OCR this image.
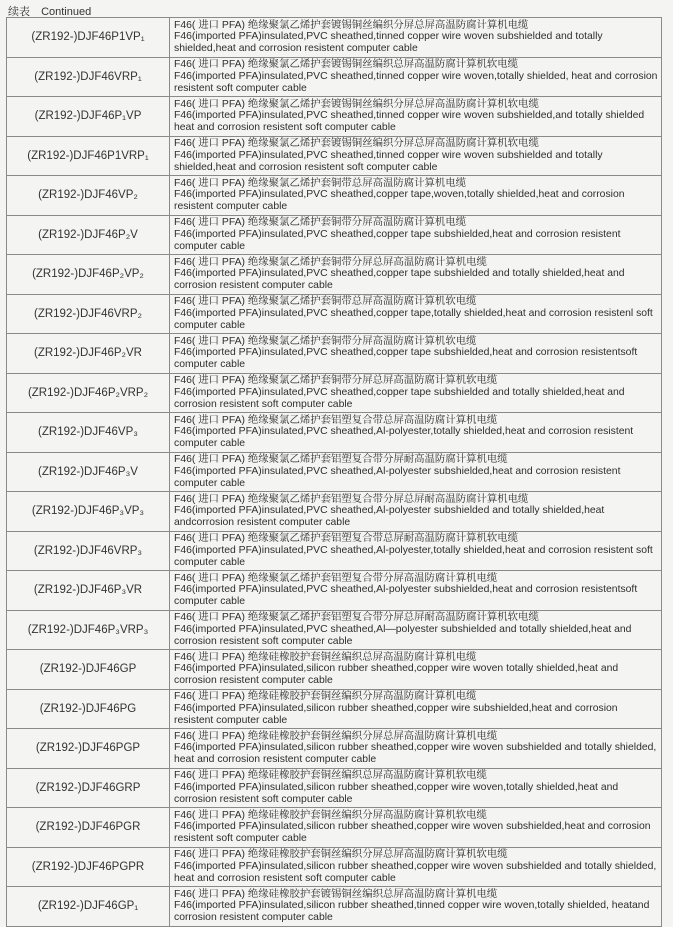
续表 Continued
(ZR192-)DJF46P1VP₁	F46( 进口 PFA) 绝缘聚氯乙烯护套镀锡铜丝编织分屏总屏高温防腐计算机电缆
F46(imported PFA)insulated,PVC sheathed,tinned copper wire woven subshielded and totally shielded,heat and corrosion resistent computer cable

(ZR192-)DJF46VRP₁	F46( 进口 PFA) 绝缘聚氯乙烯护套镀锡铜丝编织总屏高温防腐计算机软电缆
F46(imported PFA)insulated,PVC sheathed,tinned copper wire woven,totally shielded, heat and corrosion resistent soft computer cable

(ZR192-)DJF46P₁VP	F46( 进口 PFA) 绝缘聚氯乙烯护套镀锡铜丝编织分屏总屏高温防腐计算机软电缆
F46(imported PFA)insulated,PVC sheathed,tinned copper wire woven subshielded,and totally shielded heat and corrosion resistent soft computer cable

(ZR192-)DJF46P1VRP₁	F46( 进口 PFA) 绝缘聚氯乙烯护套镀锡铜丝编织分屏总屏高温防腐计算机软电缆
F46(imported PFA)insulated,PVC sheathed,tinned copper wire woven subshielded and totally shielded,heat and corrosion resistent soft computer cable

(ZR192-)DJF46VP₂	F46( 进口 PFA) 绝缘聚氯乙烯护套铜带总屏高温防腐计算机电缆
F46(imported PFA)insulated,PVC sheathed,copper tape,woven,totally shielded,heat and corrosion resistent computer cable

(ZR192-)DJF46P₂V	F46( 进口 PFA) 绝缘聚氯乙烯护套铜带分屏高温防腐计算机电缆
F46(imported PFA)insulated,PVC sheathed,copper tape subshielded,heat and corrosion resistent computer cable

(ZR192-)DJF46P₂VP₂	F46( 进口 PFA) 绝缘聚氯乙烯护套铜带分屏总屏高温防腐计算机电缆
F46(imported PFA)insulated,PVC sheathed,copper tape subshielded and totally shielded,heat and corrosion resistent computer cable

(ZR192-)DJF46VRP₂	F46( 进口 PFA) 绝缘聚氯乙烯护套铜带总屏高温防腐计算机软电缆
F46(imported PFA)insulated,PVC sheathed,copper tape,totally shielded,heat and corrosion resistenl soft computer cable

(ZR192-)DJF46P₂VR	F46( 进口 PFA) 绝缘聚氯乙烯护套铜带分屏高温防腐计算机软电缆
F46(imported PFA)insulated,PVC sheathed,copper tape subshielded,heat and corrosion resistentsoft computer cable

(ZR192-)DJF46P₂VRP₂	F46( 进口 PFA) 绝缘聚氯乙烯护套铜带分屏总屏高温防腐计算机软电缆
F46(imported PFA)insulated,PVC sheathed,copper tape subshielded and totally shielded,heat and corrosion resistent soft computer cable

(ZR192-)DJF46VP₃	F46( 进口 PFA) 绝缘聚氯乙烯护套铝塑复合带总屏高温防腐计算机电缆
F46(imported PFA)insulated,PVC sheathed,Al-polyester,totally shielded,heat and corrosion resistent computer cable

(ZR192-)DJF46P₃V	F46( 进口 PFA) 绝缘聚氯乙烯护套铝塑复合带分屏耐高温防腐计算机电缆
F46(imported PFA)insulated,PVC sheathed,Al-polyester subshielded,heat and corrosion resistent computer cable

(ZR192-)DJF46P₃VP₃	F46( 进口 PFA) 绝缘聚氯乙烯护套铝塑复合带分屏总屏耐高温防腐计算机电缆
F46(imported PFA)insulated,PVC sheathed,Al-polyester subshielded and totally shielded,heat andcorrosion resistent computer cable

(ZR192-)DJF46VRP₃	F46( 进口 PFA) 绝缘聚氯乙烯护套铝塑复合带总屏耐高温防腐计算机软电缆
F46(imported PFA)insulated,PVC sheathed,Al-polyester,totally shielded,heat and corrosion resistent soft computer cable

(ZR192-)DJF46P₃VR	F46( 进口 PFA) 绝缘聚氯乙烯护套铝塑复合带分屏高温防腐计算机电缆
F46(imported PFA)insulated,PVC sheathed,Al-polyester subshielded,heat and corrosion resistentsoft computer cable

(ZR192-)DJF46P₃VRP₃	F46( 进口 PFA) 绝缘聚氯乙烯护套铝塑复合带分屏总屏耐高温防腐计算机软电缆
F46(imported PFA)insulated,PVC sheathed,Al—polyester subshielded and totally shielded,heat and corrosion resistent soft computer cable

(ZR192-)DJF46GP	F46( 进口 PFA) 绝缘硅橡胶护套铜丝编织总屏高温防腐计算机电缆
F46(imported PFA)insulated,silicon rubber sheathed,copper wire woven totally shielded,heat and corrosion resistent computer cable

(ZR192-)DJF46PG	F46( 进口 PFA) 绝缘硅橡胶护套铜丝编织分屏高温防腐计算机电缆
F46(imported PFA)insulated,silicon rubber sheathed,copper wire subshielded,heat and corrosion resistent computer cable

(ZR192-)DJF46PGP	F46( 进口 PFA) 绝缘硅橡胶护套铜丝编织分屏总屏高温防腐计算机电缆
F46(imported PFA)insulated,silicon rubber sheathed,copper wire woven subshielded and totally shielded, heat and corrosion resistent computer cable

(ZR192-)DJF46GRP	F46( 进口 PFA) 绝缘硅橡胶护套铜丝编织总屏高温防腐计算机软电缆
F46(imported PFA)insulated,silicon rubber sheathed,copper wire woven,totally shielded,heat and corrosion resistent soft computer cable

(ZR192-)DJF46PGR	F46( 进口 PFA) 绝缘硅橡胶护套铜丝编织分屏高温防腐计算机软电缆
F46(imported PFA)insulated,silicon rubber sheathed,copper wire woven subshielded,heat and corrosion resistent soft computer cable

(ZR192-)DJF46PGPR	F46( 进口 PFA) 绝缘硅橡胶护套铜丝编织分屏总屏高温防腐计算机软电缆
F46(imported PFA)insulated,silicon rubber sheathed,copper wire woven subshielded and totally shielded, heat and corrosion resistent soft computer cable

(ZR192-)DJF46GP₁	F46( 进口 PFA) 绝缘硅橡胶护套镀锡铜丝编织总屏高温防腐计算机电缆
F46(imported PFA)insulated,silicon rubber sheathed,tinned copper wire woven,totally shielded, heatand corrosion resistent computer cable
